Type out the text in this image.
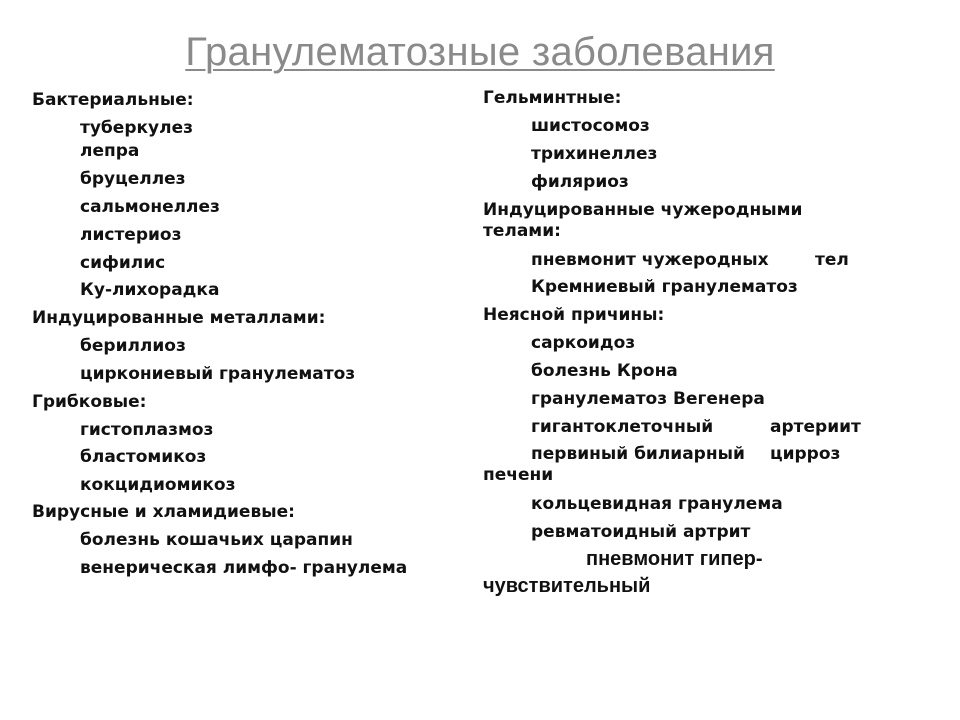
Гранулематозные заболевания
Бактериальные:
туберкулез
лепра
бруцеллез
сальмонеллез
листериоз
сифилис
Ку-лихорадка
Индуцированные металлами:
бериллиоз
циркониевый гранулематоз
Грибковые:
гистоплазмоз
бластомикоз
кокцидиомикоз
Вирусные и хламидиевые:
болезнь кошачьих царапин
венерическая лимфо- гранулема
Гельминтные:
шистосомоз
трихинеллез
филяриоз
Индуцированные чужеродными
телами:
пневмонит чужеродных	тел
Кремниевый гранулематоз
Неясной причины:
саркоидоз
болезнь Крона
гранулематоз Вегенера
гигантоклеточный	артериит
первиный билиарный цирроз
печени
кольцевидная гранулема
ревматоидный артрит
пневмонит гипер-
чувствительный
